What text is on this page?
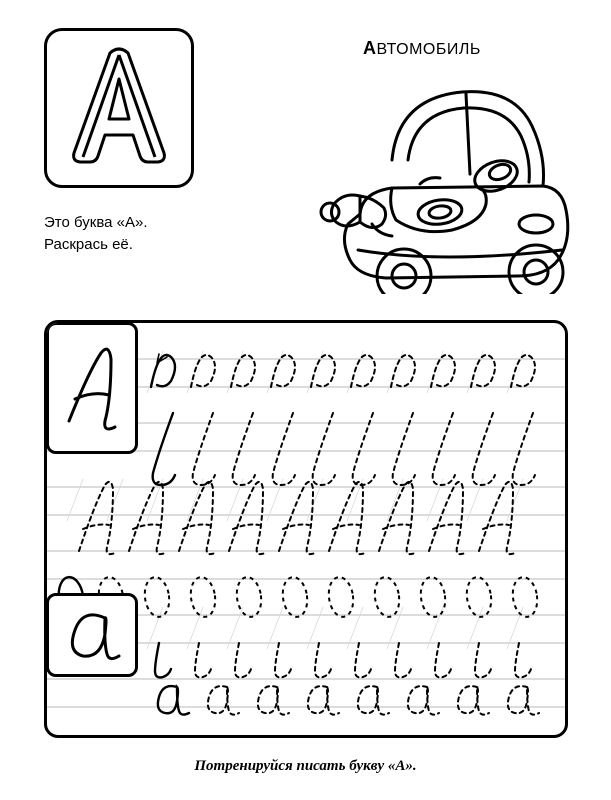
Это буква «А».
Раскрась её.
АВТОМОБИЛЬ
Потренируйся писать букву «А».
